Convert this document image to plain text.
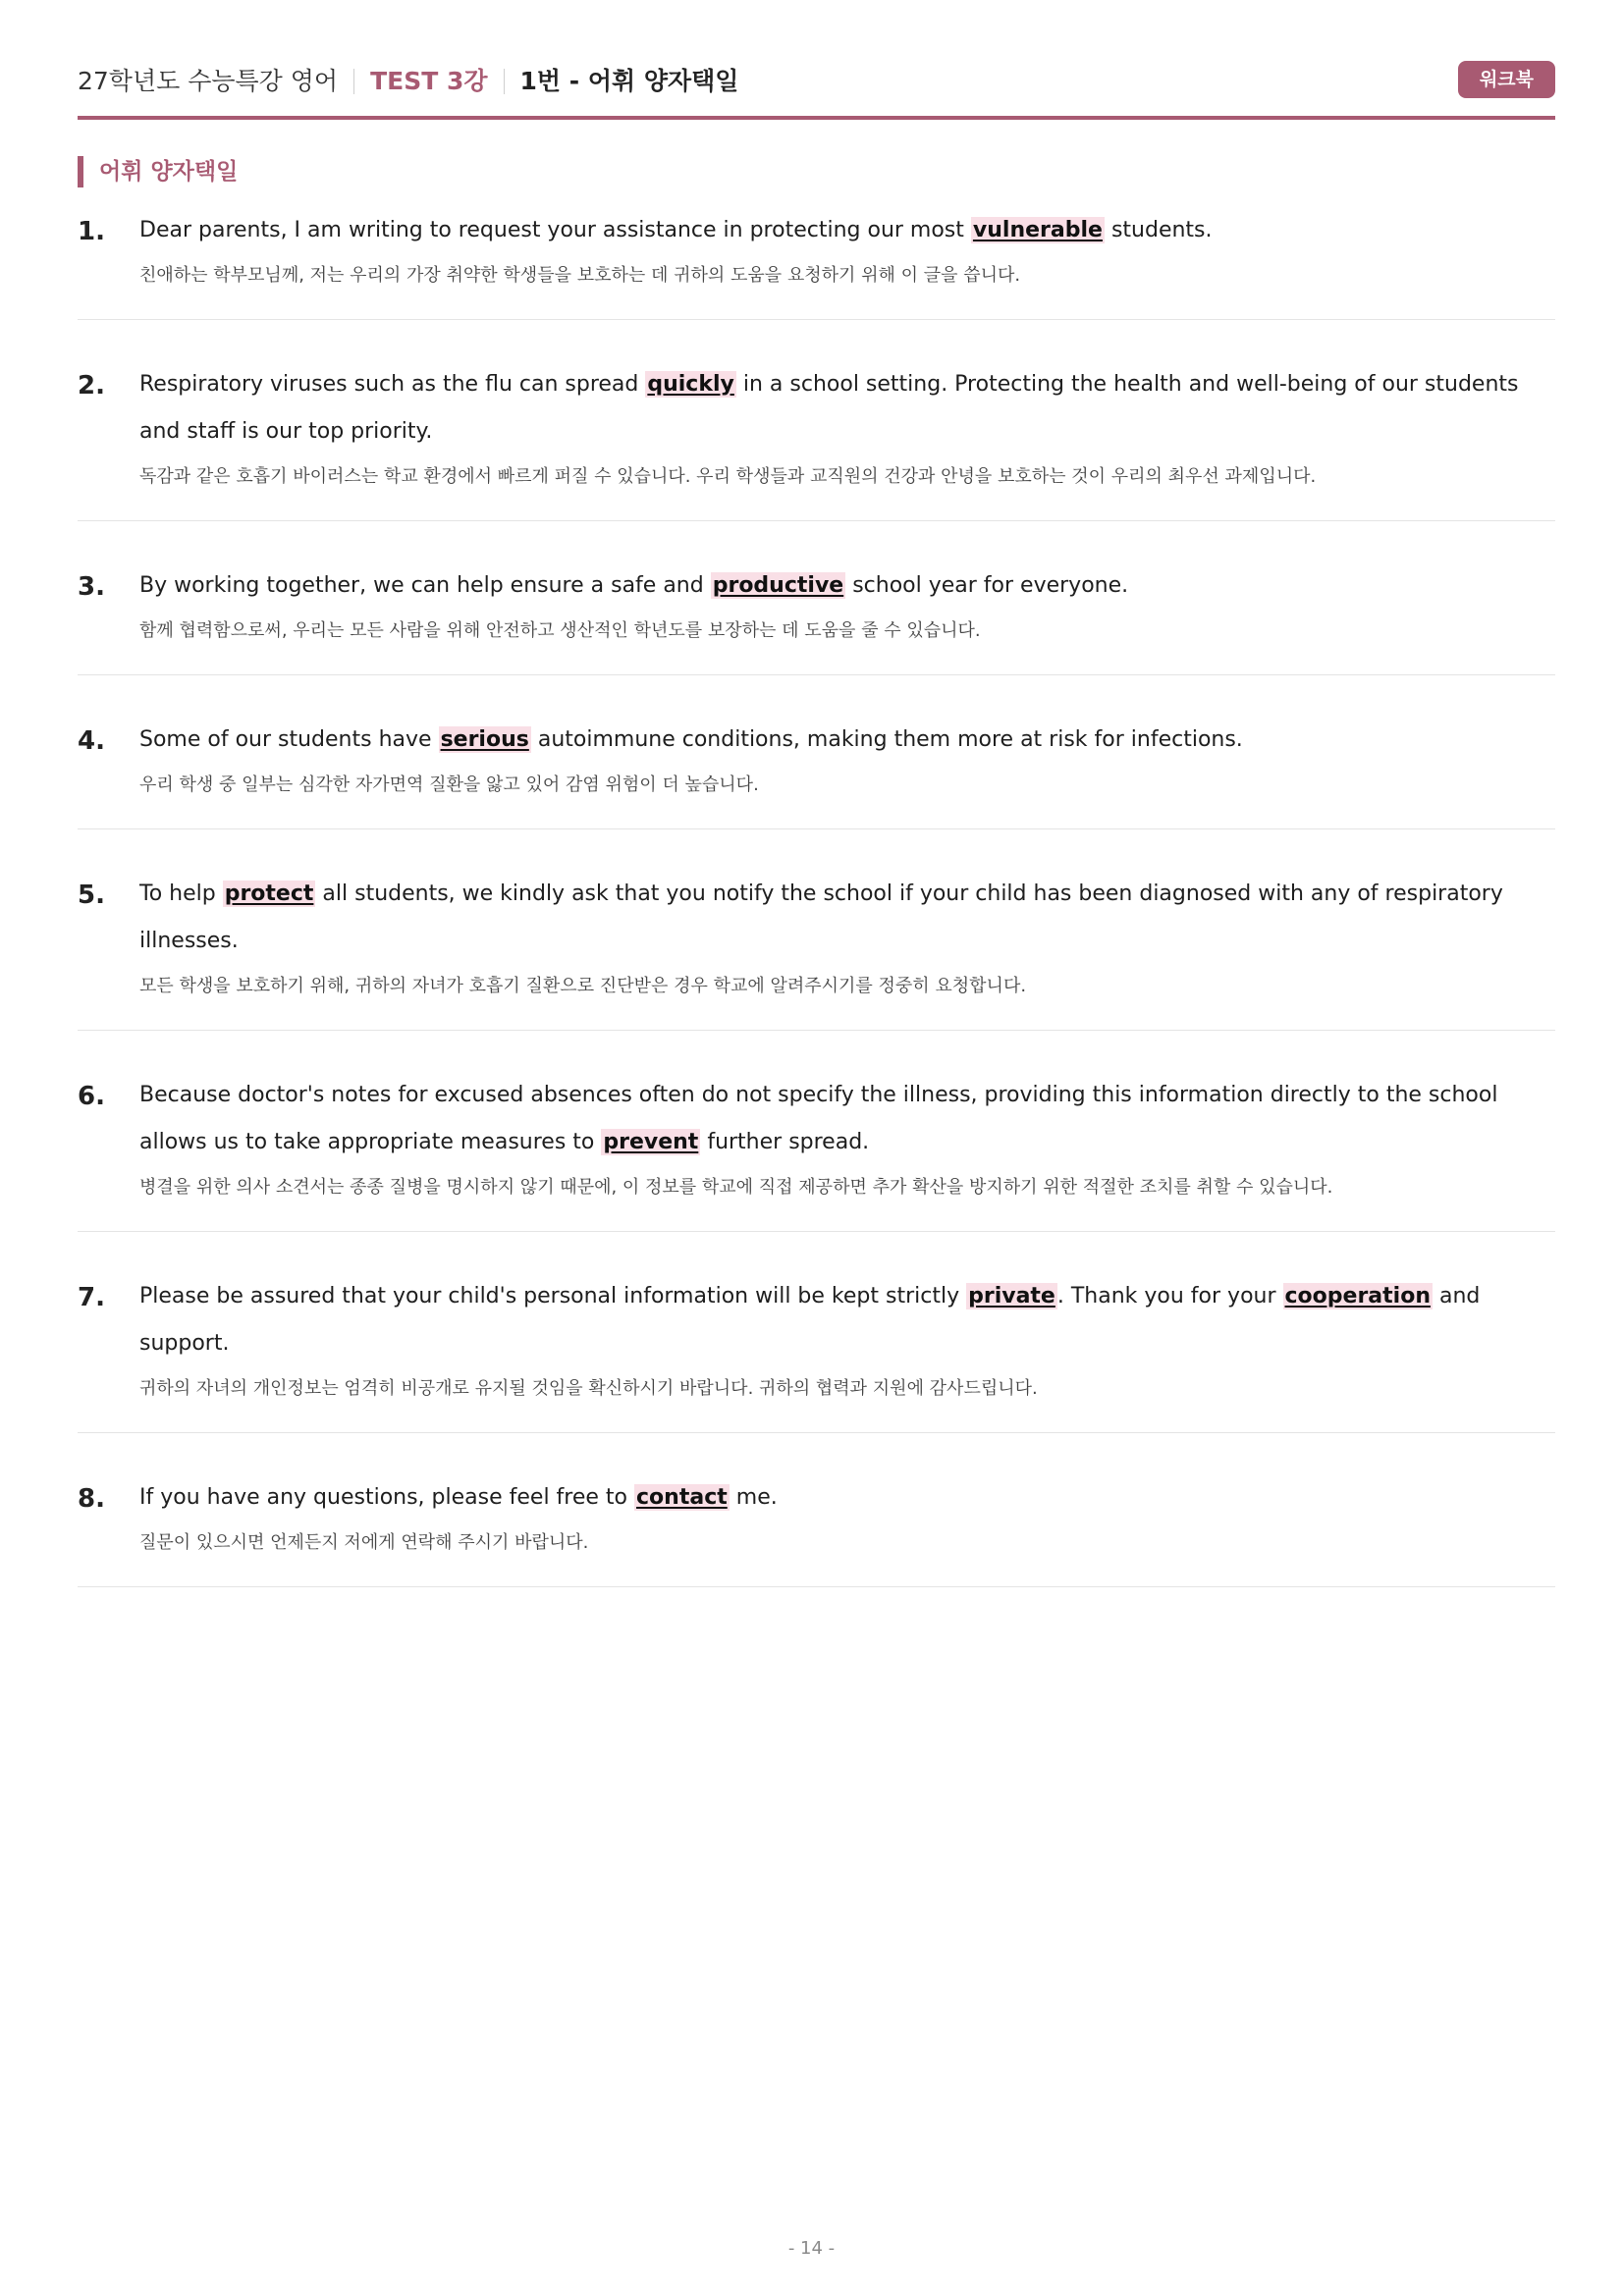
27학년도 수능특강 영어 TEST 3강 1번 - 어휘 양자택일	워크북
어휘 양자택일
1. Dear parents, I am writing to request your assistance in protecting our most vulnerable students.
친애하는 학부모님께, 저는 우리의 가장 취약한 학생들을 보호하는 데 귀하의 도움을 요청하기 위해 이 글을 씁니다.
2. Respiratory viruses such as the flu can spread quickly in a school setting. Protecting the health and well-being of our students and staff is our top priority.
독감과 같은 호흡기 바이러스는 학교 환경에서 빠르게 퍼질 수 있습니다. 우리 학생들과 교직원의 건강과 안녕을 보호하는 것이 우리의 최우선 과제입니다.
3. By working together, we can help ensure a safe and productive school year for everyone.
함께 협력함으로써, 우리는 모든 사람을 위해 안전하고 생산적인 학년도를 보장하는 데 도움을 줄 수 있습니다.
4. Some of our students have serious autoimmune conditions, making them more at risk for infections.
우리 학생 중 일부는 심각한 자가면역 질환을 앓고 있어 감염 위험이 더 높습니다.
5. To help protect all students, we kindly ask that you notify the school if your child has been diagnosed with any of respiratory illnesses.
모든 학생을 보호하기 위해, 귀하의 자녀가 호흡기 질환으로 진단받은 경우 학교에 알려주시기를 정중히 요청합니다.
6. Because doctor's notes for excused absences often do not specify the illness, providing this information directly to the school allows us to take appropriate measures to prevent further spread.
병결을 위한 의사 소견서는 종종 질병을 명시하지 않기 때문에, 이 정보를 학교에 직접 제공하면 추가 확산을 방지하기 위한 적절한 조치를 취할 수 있습니다.
7. Please be assured that your child's personal information will be kept strictly private. Thank you for your cooperation and support.
귀하의 자녀의 개인정보는 엄격히 비공개로 유지될 것임을 확신하시기 바랍니다. 귀하의 협력과 지원에 감사드립니다.
8. If you have any questions, please feel free to contact me.
질문이 있으시면 언제든지 저에게 연락해 주시기 바랍니다.
- 14 -
